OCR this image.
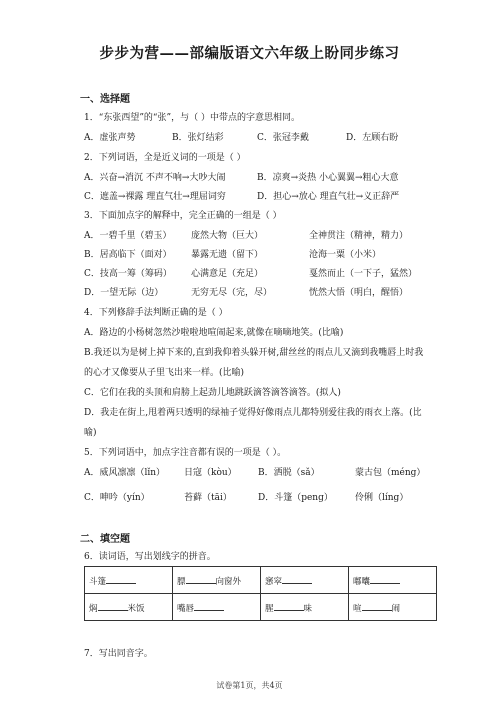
步步为营——部编版语文六年级上盼同步练习
一、选择题
1．“东张西望”的“张”，与（ ）中带点的字意思相同。
A．虚张声势	B．张灯结彩	C．张冠李戴	D．左顾右盼
2．下列词语，全是近义词的一项是（ ）
A．兴奋→消沉 不声不响→大吵大闹	B．凉爽→炎热 小心翼翼→粗心大意
C．遮盖→裸露 理直气壮→理屈词穷	D．担心→放心 理直气壮→义正辞严
3．下面加点字的解释中，完全正确的一组是（ ）
A．一碧千里（碧玉） 庞然大物（巨大）	全神贯注（精神，精力）
B．居高临下（面对） 暴露无遗（留下）	沧海一粟（小米）
C．技高一筹（筹码） 心满意足（充足）	戛然而止（一下子，猛然）
D．一望无际（边）	无穷无尽（完，尽）	恍然大悟（明白，醒悟）
4．下列修辞手法判断正确的是（ ）
A．路边的小杨树忽然沙啦啦地喧闹起来,就像在嘀嘀地笑。(比喻)
B.我还以为是树上掉下来的,直到我仰着头躲开树,甜丝丝的雨点儿又滴到我嘴唇上时我
的心才又像要从子里飞出来一样。(比喻)
C．它们在我的头顶和肩膀上起劲儿地跳跃滴答滴答滴答。(拟人)
D．我走在街上,甩着两只透明的绿袖子觉得好像雨点儿都特别爱往我的雨衣上落。(比
喻)
5．下列词语中，加点字注音都有误的一项是（ ）。
A．威风凛凛（lǐn） 日寇（kòu） B．洒脱（sǎ）	蒙古包（méng）
C．呻吟（yín）	苔藓（tāi）	D．斗篷（peng） 伶俐（líng）
二、填空题
6．读词语，写出划线字的拼音。
斗篷	膘 向窗外	窸窣	嘟囔
焖 米饭	嘴唇	腥 味	喧 闹
7．写出同音字。
试卷第1页，共4页
